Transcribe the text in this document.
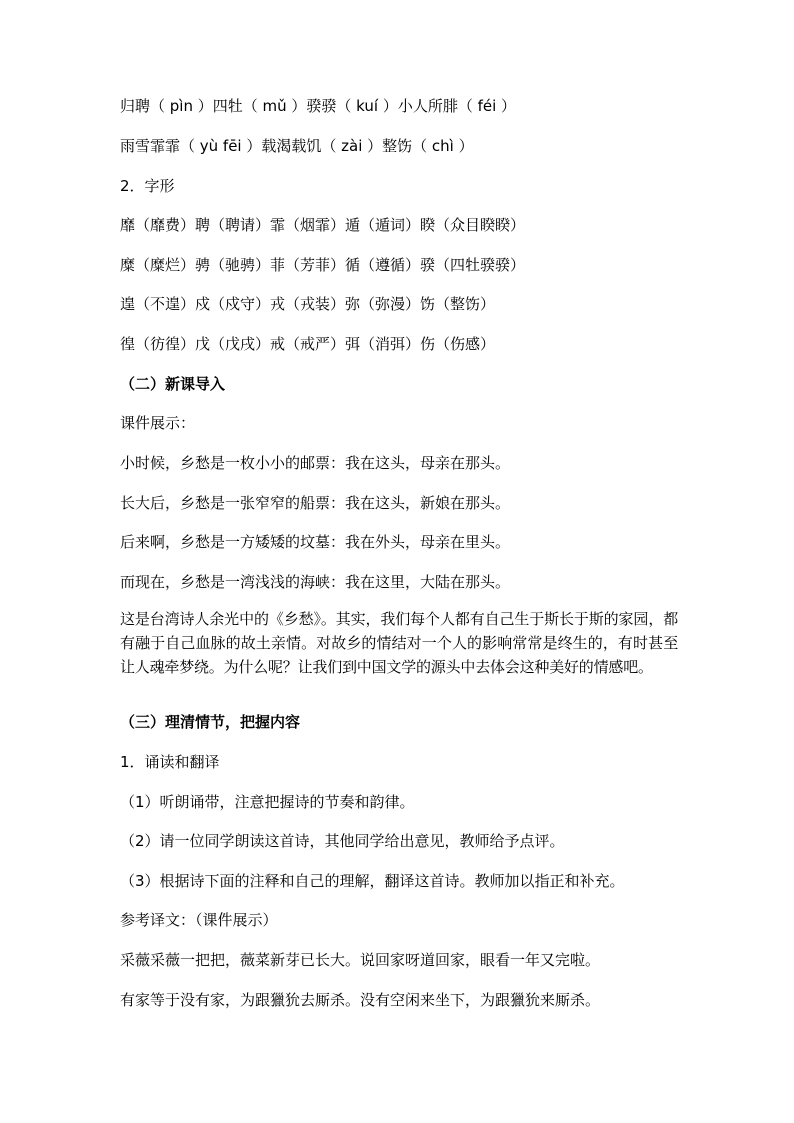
归聘（ pìn ）四牡（ mǔ ）骙骙（ kuí ）小人所腓（ féi ）
雨雪霏霏（ yù fēi ）载渴载饥（ zài ）整饬（ chì ）
2．字形
靡（靡费）聘（聘请）霏（烟霏）遁（遁词）睽（众目睽睽）
糜（糜烂）骋（驰骋）菲（芳菲）循（遵循）骙（四牡骙骙）
遑（不遑）戍（戍守）戎（戎装）弥（弥漫）饬（整饬）
徨（彷徨）戊（戊戌）戒（戒严）弭（消弭）伤（伤感）
（二）新课导入
课件展示：
小时候，乡愁是一枚小小的邮票：我在这头，母亲在那头。
长大后，乡愁是一张窄窄的船票：我在这头，新娘在那头。
后来啊，乡愁是一方矮矮的坟墓：我在外头，母亲在里头。
而现在，乡愁是一湾浅浅的海峡：我在这里，大陆在那头。
这是台湾诗人余光中的《乡愁》。其实，我们每个人都有自己生于斯长于斯的家园，都有融于自己血脉的故土亲情。对故乡的情结对一个人的影响常常是终生的，有时甚至让人魂牵梦绕。为什么呢？让我们到中国文学的源头中去体会这种美好的情感吧。
（三）理清情节，把握内容
1．诵读和翻译
（1）听朗诵带，注意把握诗的节奏和韵律。
（2）请一位同学朗读这首诗，其他同学给出意见，教师给予点评。
（3）根据诗下面的注释和自己的理解，翻译这首诗。教师加以指正和补充。
参考译文：（课件展示）
采薇采薇一把把，薇菜新芽已长大。说回家呀道回家，眼看一年又完啦。
有家等于没有家，为跟獵狁去厮杀。没有空闲来坐下，为跟獵狁来厮杀。
